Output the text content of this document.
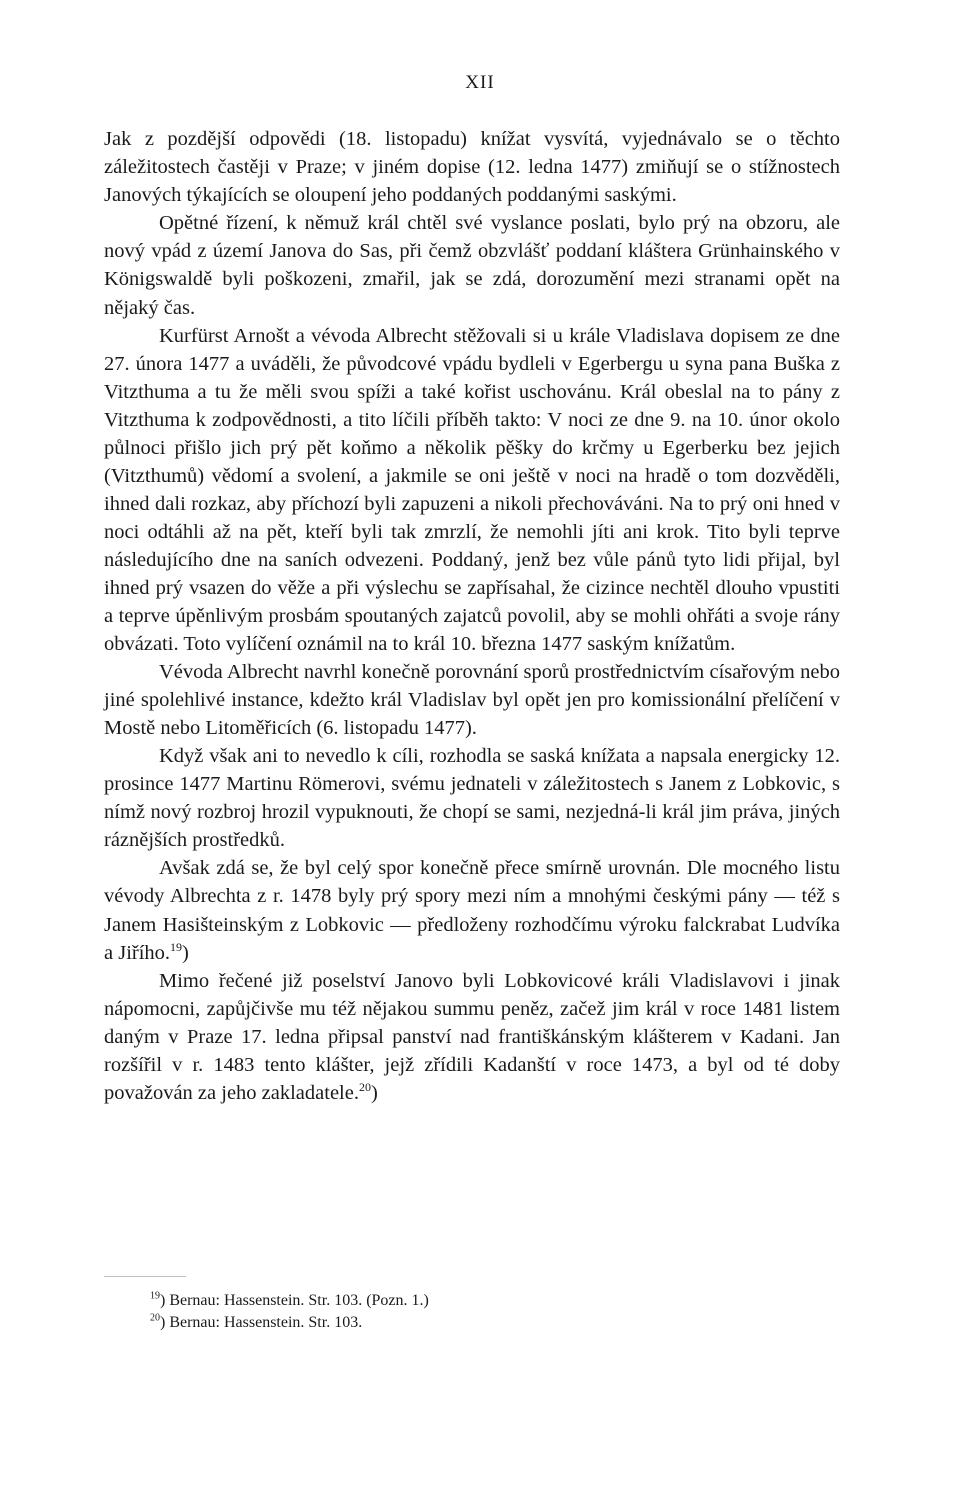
XII

Jak z pozdější odpovědi (18. listopadu) knížat vysvítá, vyjednávalo se o těchto záležitostech častěji v Praze; v jiném dopise (12. ledna 1477) zmiňují se o stížnostech Janových týkajících se oloupení jeho poddaných poddanými saskými.

Opětné řízení, k němuž král chtěl své vyslance poslati, bylo prý na obzoru, ale nový vpád z území Janova do Sas, při čemž obzvlášť poddaní kláštera Grünhainského v Königswaldě byli poškozeni, zmařil, jak se zdá, dorozumění mezi stranami opět na nějaký čas.

Kurfürst Arnošt a vévoda Albrecht stěžovali si u krále Vladislava dopisem ze dne 27. února 1477 a uváděli, že původcové vpádu bydleli v Egerbergu u syna pana Buška z Vitzthuma a tu že měli svou spíži a také kořist uschovánu. Král obeslal na to pány z Vitzthuma k zodpovědnosti, a tito líčili příběh takto: V noci ze dne 9. na 10. únor okolo půlnoci přišlo jich prý pět koňmo a několik pěšky do krčmy u Egerberku bez jejich (Vitzthumů) vědomí a svolení, a jakmile se oni ještě v noci na hradě o tom dozvěděli, ihned dali rozkaz, aby příchozí byli zapuzeni a nikoli přechováváni. Na to prý oni hned v noci odtáhli až na pět, kteří byli tak zmrzlí, že nemohli jíti ani krok. Tito byli teprve následujícího dne na saních odvezeni. Poddaný, jenž bez vůle pánů tyto lidi přijal, byl ihned prý vsazen do věže a při výslechu se zapřísahal, že cizince nechtěl dlouho vpustiti a teprve úpěnlivým prosbám spoutaných zajatců povolil, aby se mohli ohřáti a svoje rány obvázati. Toto vylíčení oznámil na to král 10. března 1477 saským knížatům.

Vévoda Albrecht navrhl konečně porovnání sporů prostřednictvím císařovým nebo jiné spolehlivé instance, kdežto král Vladislav byl opět jen pro komissionální přelíčení v Mostě nebo Litoměřicích (6. listopadu 1477).

Když však ani to nevedlo k cíli, rozhodla se saská knížata a napsala energicky 12. prosince 1477 Martinu Römerovi, svému jednateli v záležitostech s Janem z Lobkovic, s nímž nový rozbroj hrozil vypuknouti, že chopí se sami, nezjedná-li král jim práva, jiných ráznějších prostředků.

Avšak zdá se, že byl celý spor konečně přece smírně urovnán. Dle mocného listu vévody Albrechta z r. 1478 byly prý spory mezi ním a mnohými českými pány — též s Janem Hasišteinským z Lobkovic — předloženy rozhodčímu výroku falckrabat Ludvíka a Jiřího.$^{19}$)

Mimo řečené již poselství Janovo byli Lobkovicové králi Vladislavovi i jinak nápomocni, zapůjčivše mu též nějakou summu peněz, začež jim král v roce 1481 listem daným v Praze 17. ledna připsal panství nad františkánským klášterem v Kadani. Jan rozšířil v r. 1483 tento klášter, jejž zřídili Kadanští v roce 1473, a byl od té doby považován za jeho zakladatele.$^{20}$)

$^{19}$) Bernau: Hassenstein. Str. 103. (Pozn. 1.)

$^{20}$) Bernau: Hassenstein. Str. 103.
